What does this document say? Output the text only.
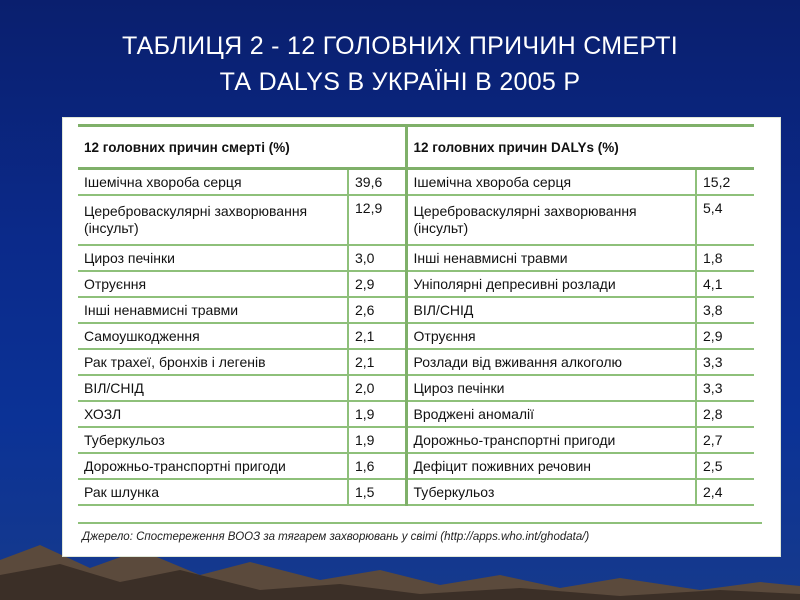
ТАБЛИЦЯ 2 - 12 ГОЛОВНИХ ПРИЧИН СМЕРТІ
ТА DALYS В УКРАЇНІ В 2005 Р
12 головних причин смерті (%)		12 головних причин DALYs (%)	
Ішемічна хвороба серця	39,6	Ішемічна хвороба серця	15,2
Цереброваскулярні захворювання (інсульт)	12,9	Цереброваскулярні захворювання (інсульт)	5,4
Цироз печінки	3,0	Інші ненавмисні травми	1,8
Отруєння	2,9	Уніполярні депресивні розлади	4,1
Інші ненавмисні травми	2,6	ВІЛ/СНІД	3,8
Самоушкодження	2,1	Отруєння	2,9
Рак трахеї, бронхів і легенів	2,1	Розлади від вживання алкоголю	3,3
ВІЛ/СНІД	2,0	Цироз печінки	3,3
ХОЗЛ	1,9	Вроджені аномалії	2,8
Туберкульоз	1,9	Дорожньо-транспортні пригоди	2,7
Дорожньо-транспортні пригоди	1,6	Дефіцит поживних речовин	2,5
Рак шлунка	1,5	Туберкульоз	2,4
Джерело: Спостереження ВООЗ за тягарем захворювань у світі (http://apps.who.int/ghodata/)
